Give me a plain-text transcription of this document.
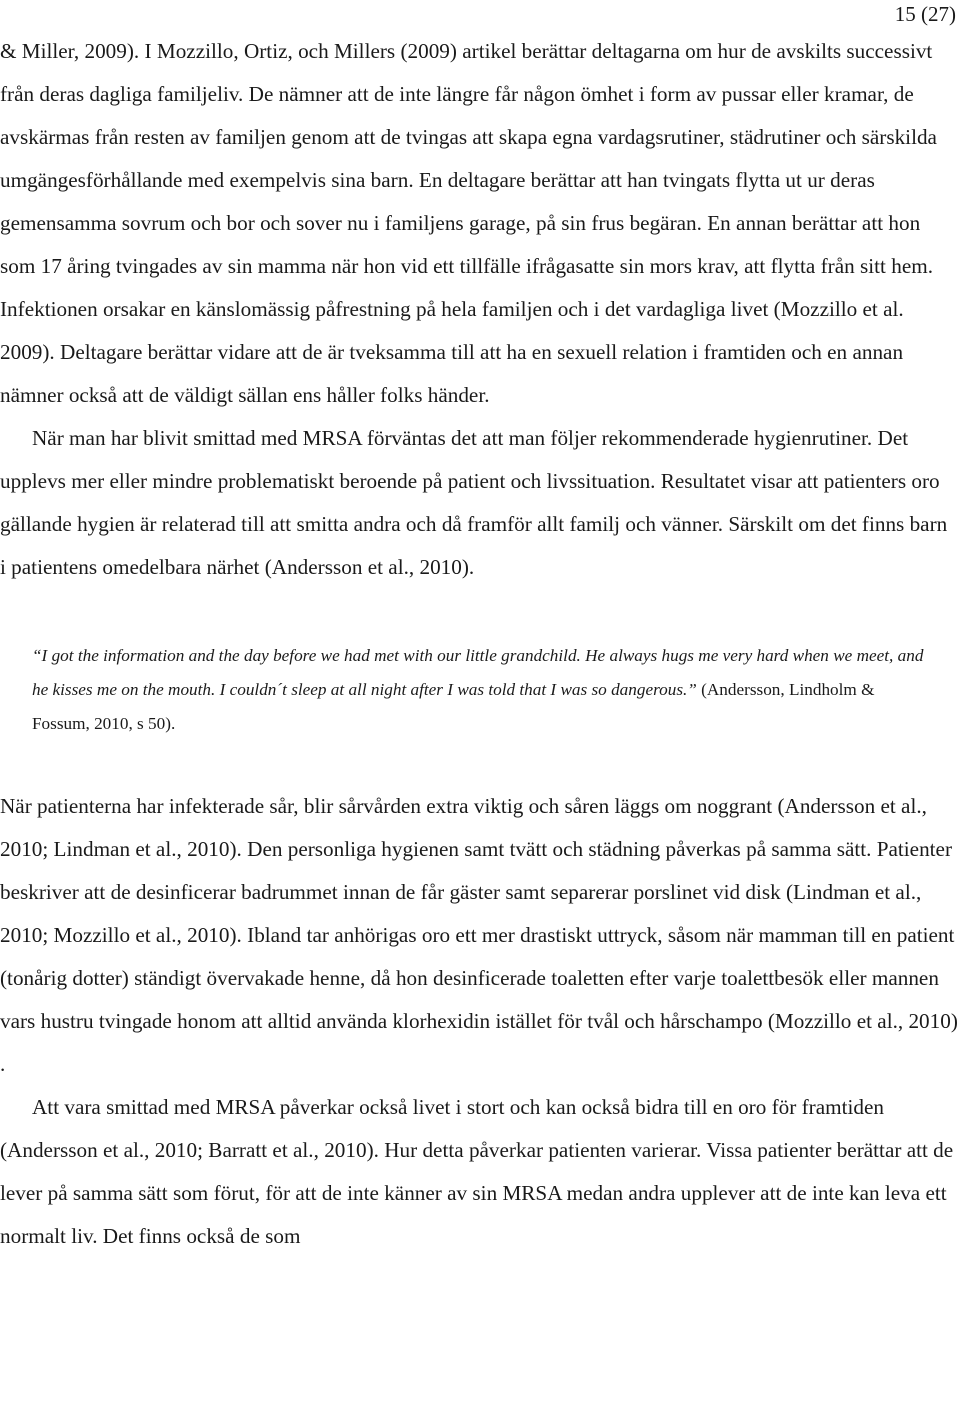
15 (27)

& Miller, 2009). I Mozzillo, Ortiz, och Millers (2009) artikel berättar deltagarna om hur de avskilts successivt från deras dagliga familjeliv. De nämner att de inte längre får någon ömhet i form av pussar eller kramar, de avskärmas från resten av familjen genom att de tvingas att skapa egna vardagsrutiner, städrutiner och särskilda umgängesförhållande med exempelvis sina barn. En deltagare berättar att han tvingats flytta ut ur deras gemensamma sovrum och bor och sover nu i familjens garage, på sin frus begäran. En annan berättar att hon som 17 åring tvingades av sin mamma när hon vid ett tillfälle ifrågasatte sin mors krav, att flytta från sitt hem. Infektionen orsakar en känslomässig påfrestning på hela familjen och i det vardagliga livet (Mozzillo et al. 2009). Deltagare berättar vidare att de är tveksamma till att ha en sexuell relation i framtiden och en annan nämner också att de väldigt sällan ens håller folks händer.

När man har blivit smittad med MRSA förväntas det att man följer rekommenderade hygienrutiner. Det upplevs mer eller mindre problematiskt beroende på patient och livssituation. Resultatet visar att patienters oro gällande hygien är relaterad till att smitta andra och då framför allt familj och vänner. Särskilt om det finns barn i patientens omedelbara närhet (Andersson et al., 2010).

“I got the information and the day before we had met with our little grandchild. He always hugs me very hard when we meet, and he kisses me on the mouth. I couldn´t sleep at all night after I was told that I was so dangerous.” (Andersson, Lindholm & Fossum, 2010, s 50).

När patienterna har infekterade sår, blir sårvården extra viktig och såren läggs om noggrant (Andersson et al., 2010; Lindman et al., 2010). Den personliga hygienen samt tvätt och städning påverkas på samma sätt. Patienter beskriver att de desinficerar badrummet innan de får gäster samt separerar porslinet vid disk (Lindman et al., 2010; Mozzillo et al., 2010). Ibland tar anhörigas oro ett mer drastiskt uttryck, såsom när mamman till en patient (tonårig dotter) ständigt övervakade henne, då hon desinficerade toaletten efter varje toalettbesök eller mannen vars hustru tvingade honom att alltid använda klorhexidin istället för tvål och hårschampo (Mozzillo et al., 2010) .

Att vara smittad med MRSA påverkar också livet i stort och kan också bidra till en oro för framtiden (Andersson et al., 2010; Barratt et al., 2010). Hur detta påverkar patienten varierar. Vissa patienter berättar att de lever på samma sätt som förut, för att de inte känner av sin MRSA medan andra upplever att de inte kan leva ett normalt liv. Det finns också de som
